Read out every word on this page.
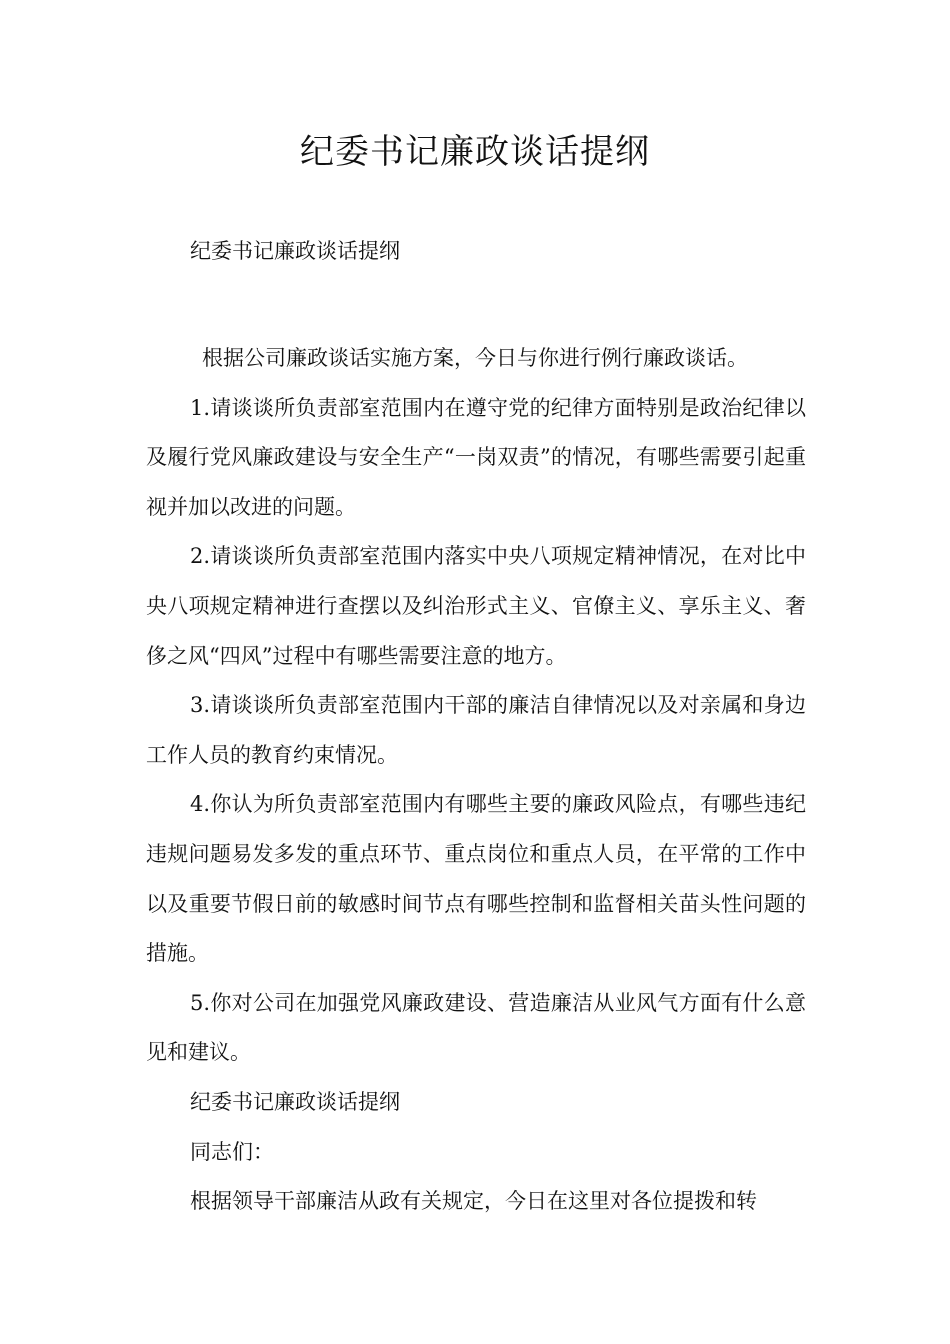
纪委书记廉政谈话提纲

纪委书记廉政谈话提纲

根据公司廉政谈话实施方案，今日与你进行例行廉政谈话。

1.请谈谈所负责部室范围内在遵守党的纪律方面特别是政治纪律以及履行党风廉政建设与安全生产“一岗双责”的情况，有哪些需要引起重视并加以改进的问题。

2.请谈谈所负责部室范围内落实中央八项规定精神情况，在对比中央八项规定精神进行查摆以及纠治形式主义、官僚主义、享乐主义、奢侈之风“四风”过程中有哪些需要注意的地方。

3.请谈谈所负责部室范围内干部的廉洁自律情况以及对亲属和身边工作人员的教育约束情况。

4.你认为所负责部室范围内有哪些主要的廉政风险点，有哪些违纪违规问题易发多发的重点环节、重点岗位和重点人员，在平常的工作中以及重要节假日前的敏感时间节点有哪些控制和监督相关苗头性问题的措施。

5.你对公司在加强党风廉政建设、营造廉洁从业风气方面有什么意见和建议。

纪委书记廉政谈话提纲

同志们：

根据领导干部廉洁从政有关规定，今日在这里对各位提拨和转
